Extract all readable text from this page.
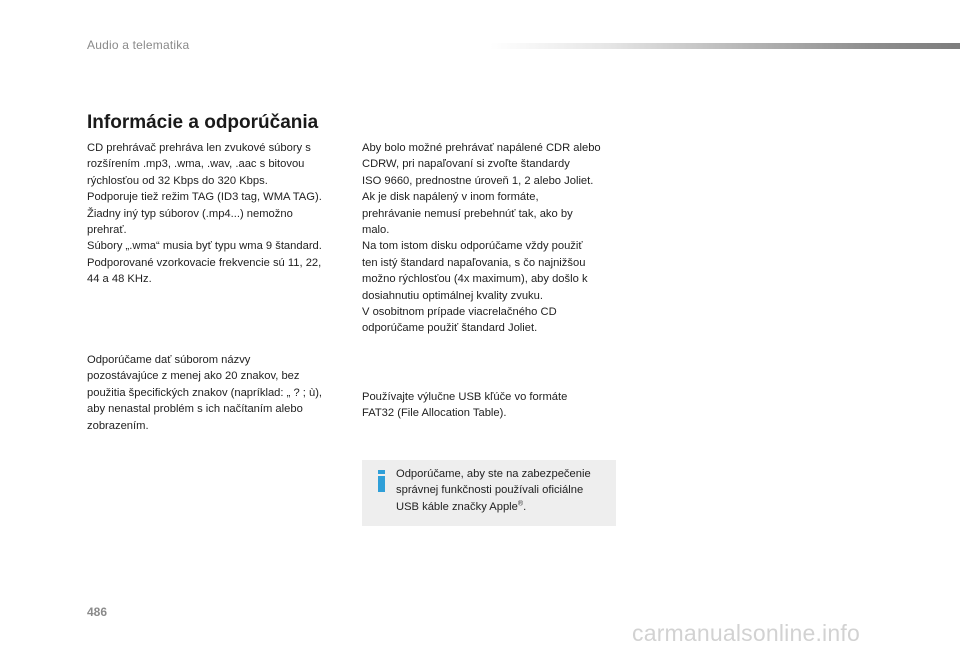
Audio a telematika
Informácie a odporúčania

CD prehrávač prehráva len zvukové súbory s
rozšírením .mp3, .wma, .wav, .aac s bitovou
rýchlosťou od 32 Kbps do 320 Kbps.
Podporuje tiež režim TAG (ID3 tag, WMA TAG).
Žiadny iný typ súborov (.mp4...) nemožno
prehrať.
Súbory „.wma“ musia byť typu wma 9 štandard.
Podporované vzorkovacie frekvencie sú 11, 22,
44 a 48 KHz.

Odporúčame dať súborom názvy
pozostávajúce z menej ako 20 znakov, bez
použitia špecifických znakov (napríklad: „ ? ; ù),
aby nenastal problém s ich načítaním alebo
zobrazením.

Aby bolo možné prehrávať napálené CDR alebo
CDRW, pri napaľovaní si zvoľte štandardy
ISO 9660, prednostne úroveň 1, 2 alebo Joliet.
Ak je disk napálený v inom formáte,
prehrávanie nemusí prebehnúť tak, ako by
malo.
Na tom istom disku odporúčame vždy použiť
ten istý štandard napaľovania, s čo najnižšou
možno rýchlosťou (4x maximum), aby došlo k
dosiahnutiu optimálnej kvality zvuku.
V osobitnom prípade viacrelačného CD
odporúčame použiť štandard Joliet.

Používajte výlučne USB kľúče vo formáte
FAT32 (File Allocation Table).

Odporúčame, aby ste na zabezpečenie
správnej funkčnosti používali oficiálne
USB káble značky Apple®.

486
carmanualsonline.info
